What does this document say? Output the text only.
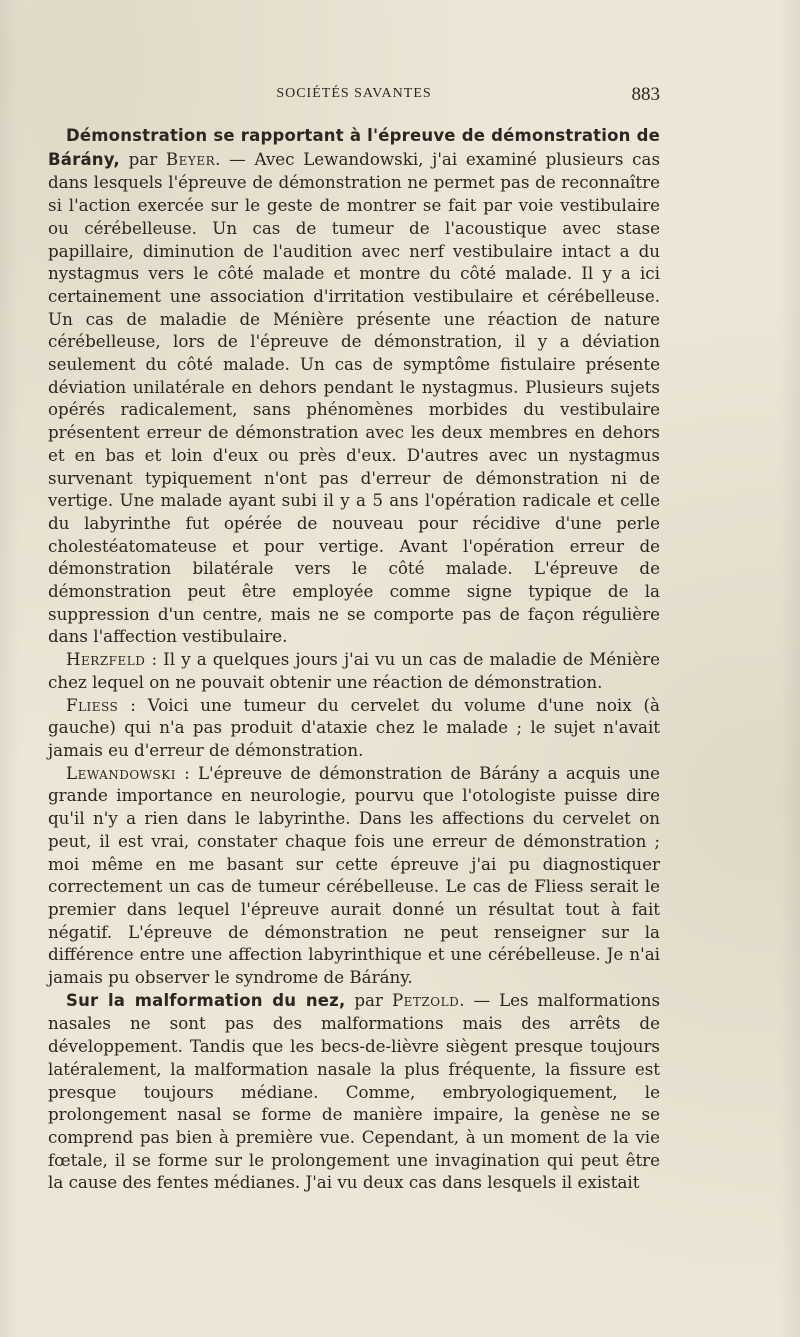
SOCIÉTÉS SAVANTES	883

Démonstration se rapportant à l'épreuve de démonstration de Bárány, par Beyer. — Avec Lewandowski, j'ai examiné plusieurs cas dans lesquels l'épreuve de démonstration ne permet pas de reconnaître si l'action exercée sur le geste de montrer se fait par voie vestibulaire ou cérébelleuse. Un cas de tumeur de l'acoustique avec stase papillaire, diminution de l'audition avec nerf vestibulaire intact a du nystagmus vers le côté malade et montre du côté malade. Il y a ici certainement une association d'irritation vestibulaire et cérébelleuse. Un cas de maladie de Ménière présente une réaction de nature cérébelleuse, lors de l'épreuve de démonstration, il y a déviation seulement du côté malade. Un cas de symptôme fistulaire présente déviation unilatérale en dehors pendant le nystagmus. Plusieurs sujets opérés radicalement, sans phénomènes morbides du vestibulaire présentent erreur de démonstration avec les deux membres en dehors et en bas et loin d'eux ou près d'eux. D'autres avec un nystagmus survenant typiquement n'ont pas d'erreur de démonstration ni de vertige. Une malade ayant subi il y a 5 ans l'opération radicale et celle du labyrinthe fut opérée de nouveau pour récidive d'une perle cholestéatomateuse et pour vertige. Avant l'opération erreur de démonstration bilatérale vers le côté malade. L'épreuve de démonstration peut être employée comme signe typique de la suppression d'un centre, mais ne se comporte pas de façon régulière dans l'affection vestibulaire.

Herzfeld : Il y a quelques jours j'ai vu un cas de maladie de Ménière chez lequel on ne pouvait obtenir une réaction de démonstration.

Fliess : Voici une tumeur du cervelet du volume d'une noix (à gauche) qui n'a pas produit d'ataxie chez le malade ; le sujet n'avait jamais eu d'erreur de démonstration.

Lewandowski : L'épreuve de démonstration de Bárány a acquis une grande importance en neurologie, pourvu que l'otologiste puisse dire qu'il n'y a rien dans le labyrinthe. Dans les affections du cervelet on peut, il est vrai, constater chaque fois une erreur de démonstration ; moi même en me basant sur cette épreuve j'ai pu diagnostiquer correctement un cas de tumeur cérébelleuse. Le cas de Fliess serait le premier dans lequel l'épreuve aurait donné un résultat tout à fait négatif. L'épreuve de démonstration ne peut renseigner sur la différence entre une affection labyrinthique et une cérébelleuse. Je n'ai jamais pu observer le syndrome de Bárány.

Sur la malformation du nez, par Petzold. — Les malformations nasales ne sont pas des malformations mais des arrêts de développement. Tandis que les becs-de-lièvre siègent presque toujours latéralement, la malformation nasale la plus fréquente, la fissure est presque toujours médiane. Comme, embryologiquement, le prolongement nasal se forme de manière impaire, la genèse ne se comprend pas bien à première vue. Cependant, à un moment de la vie fœtale, il se forme sur le prolongement une invagination qui peut être la cause des fentes médianes. J'ai vu deux cas dans lesquels il existait
